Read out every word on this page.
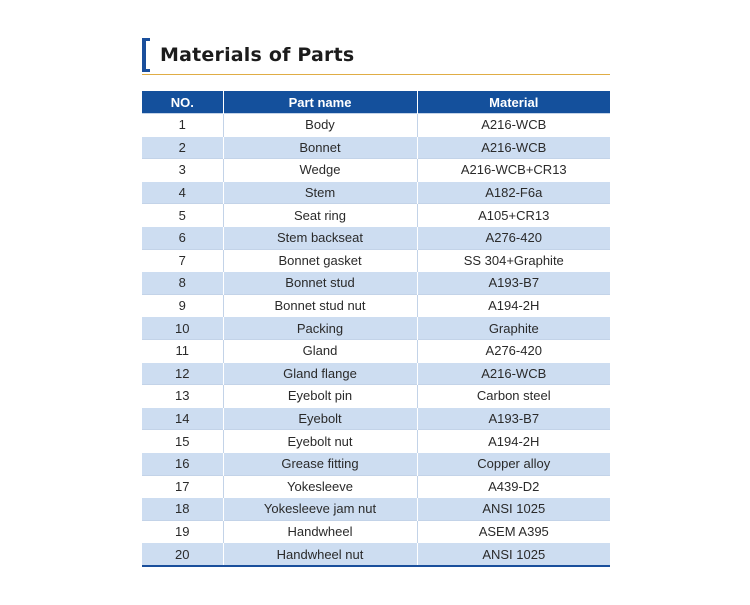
Materials of Parts
NO.	Part name	Material
1	Body	A216-WCB
2	Bonnet	A216-WCB
3	Wedge	A216-WCB+CR13
4	Stem	A182-F6a
5	Seat ring	A105+CR13
6	Stem backseat	A276-420
7	Bonnet gasket	SS 304+Graphite
8	Bonnet stud	A193-B7
9	Bonnet stud nut	A194-2H
10	Packing	Graphite
11	Gland	A276-420
12	Gland flange	A216-WCB
13	Eyebolt pin	Carbon steel
14	Eyebolt	A193-B7
15	Eyebolt nut	A194-2H
16	Grease fitting	Copper alloy
17	Yokesleeve	A439-D2
18	Yokesleeve jam nut	ANSI 1025
19	Handwheel	ASEM A395
20	Handwheel nut	ANSI 1025
